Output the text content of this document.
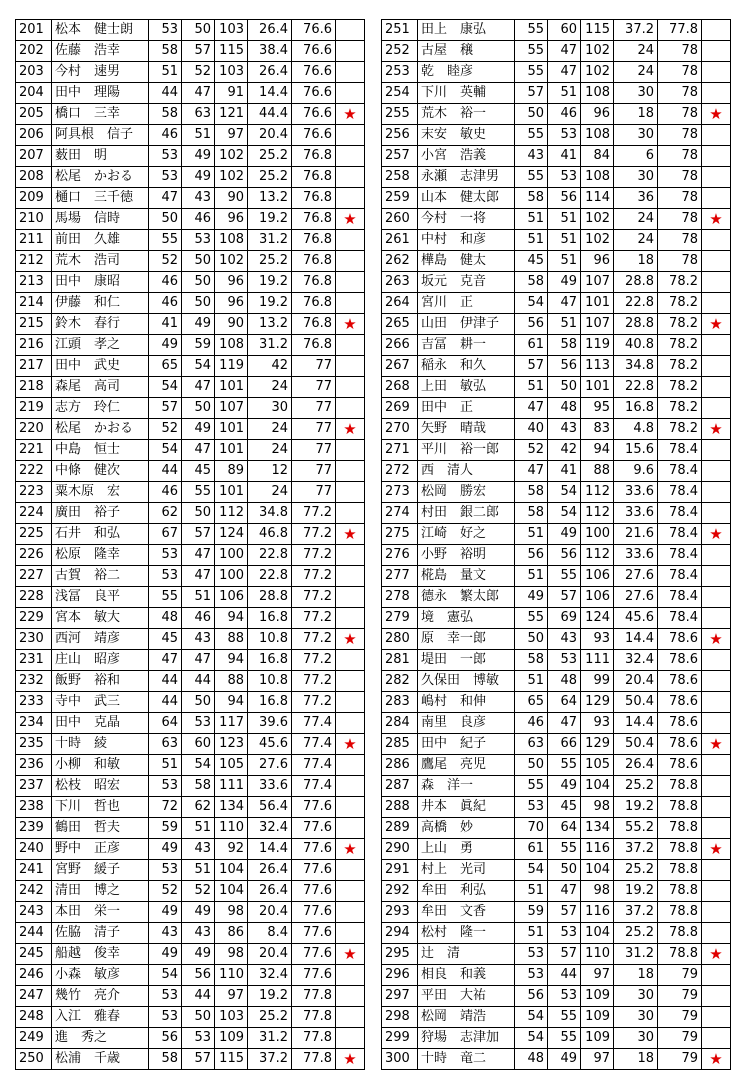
201	松本　健士朗	53	50	103	26.4	76.6	
202	佐藤　浩幸	58	57	115	38.4	76.6	
203	今村　速男	51	52	103	26.4	76.6	
204	田中　理陽	44	47	91	14.4	76.6	
205	橋口　三幸	58	63	121	44.4	76.6	★
206	阿具根　信子	46	51	97	20.4	76.6	
207	薮田　明	53	49	102	25.2	76.8	
208	松尾　かおる	53	49	102	25.2	76.8	
209	樋口　三千徳	47	43	90	13.2	76.8	
210	馬場　信時	50	46	96	19.2	76.8	★
211	前田　久雄	55	53	108	31.2	76.8	
212	荒木　浩司	52	50	102	25.2	76.8	
213	田中　康昭	46	50	96	19.2	76.8	
214	伊藤　和仁	46	50	96	19.2	76.8	
215	鈴木　春行	41	49	90	13.2	76.8	★
216	江頭　孝之	49	59	108	31.2	76.8	
217	田中　武史	65	54	119	42	77	
218	森尾　高司	54	47	101	24	77	
219	志方　玲仁	57	50	107	30	77	
220	松尾　かおる	52	49	101	24	77	★
221	中島　恒士	54	47	101	24	77	
222	中條　健次	44	45	89	12	77	
223	粟木原　宏	46	55	101	24	77	
224	廣田　裕子	62	50	112	34.8	77.2	
225	石井　和弘	67	57	124	46.8	77.2	★
226	松原　隆幸	53	47	100	22.8	77.2	
227	古賀　裕二	53	47	100	22.8	77.2	
228	浅冨　良平	55	51	106	28.8	77.2	
229	宮本　敏大	48	46	94	16.8	77.2	
230	西河　靖彦	45	43	88	10.8	77.2	★
231	庄山　昭彦	47	47	94	16.8	77.2	
232	飯野　裕和	44	44	88	10.8	77.2	
233	寺中　武三	44	50	94	16.8	77.2	
234	田中　克晶	64	53	117	39.6	77.4	
235	十時　綾	63	60	123	45.6	77.4	★
236	小柳　和敏	51	54	105	27.6	77.4	
237	松枝　昭宏	53	58	111	33.6	77.4	
238	下川　哲也	72	62	134	56.4	77.6	
239	鶴田　哲夫	59	51	110	32.4	77.6	
240	野中　正彦	49	43	92	14.4	77.6	★
241	宮野　緩子	53	51	104	26.4	77.6	
242	清田　博之	52	52	104	26.4	77.6	
243	本田　栄一	49	49	98	20.4	77.6	
244	佐脇　清子	43	43	86	8.4	77.6	
245	船越　俊幸	49	49	98	20.4	77.6	★
246	小森　敏彦	54	56	110	32.4	77.6	
247	幾竹　亮介	53	44	97	19.2	77.8	
248	入江　雅春	53	50	103	25.2	77.8	
249	進　秀之	56	53	109	31.2	77.8	
250	松浦　千歳	58	57	115	37.2	77.8	★
251	田上　康弘	55	60	115	37.2	77.8	
252	古屋　穣	55	47	102	24	78	
253	乾　睦彦	55	47	102	24	78	
254	下川　英輔	57	51	108	30	78	
255	荒木　裕一	50	46	96	18	78	★
256	末安　敏史	55	53	108	30	78	
257	小宮　浩義	43	41	84	6	78	
258	永瀬　志津男	55	53	108	30	78	
259	山本　健太郎	58	56	114	36	78	
260	今村　一将	51	51	102	24	78	★
261	中村　和彦	51	51	102	24	78	
262	樺島　健太	45	51	96	18	78	
263	坂元　克音	58	49	107	28.8	78.2	
264	宮川　正	54	47	101	22.8	78.2	
265	山田　伊津子	56	51	107	28.8	78.2	★
266	吉冨　耕一	61	58	119	40.8	78.2	
267	稲永　和久	57	56	113	34.8	78.2	
268	上田　敏弘	51	50	101	22.8	78.2	
269	田中　正	47	48	95	16.8	78.2	
270	矢野　晴哉	40	43	83	4.8	78.2	★
271	平川　裕一郎	52	42	94	15.6	78.4	
272	西　清人	47	41	88	9.6	78.4	
273	松岡　勝宏	58	54	112	33.6	78.4	
274	村田　銀二郎	58	54	112	33.6	78.4	
275	江崎　好之	51	49	100	21.6	78.4	★
276	小野　裕明	56	56	112	33.6	78.4	
277	椛島　量文	51	55	106	27.6	78.4	
278	德永　繁太郎	49	57	106	27.6	78.4	
279	境　憲弘	55	69	124	45.6	78.4	
280	原　幸一郎	50	43	93	14.4	78.6	★
281	堤田　一郎	58	53	111	32.4	78.6	
282	久保田　博敏	51	48	99	20.4	78.6	
283	嶋村　和伸	65	64	129	50.4	78.6	
284	南里　良彦	46	47	93	14.4	78.6	
285	田中　紀子	63	66	129	50.4	78.6	★
286	鷹尾　亮児	50	55	105	26.4	78.6	
287	森　洋一	55	49	104	25.2	78.8	
288	井本　眞紀	53	45	98	19.2	78.8	
289	高橋　妙	70	64	134	55.2	78.8	
290	上山　勇	61	55	116	37.2	78.8	★
291	村上　光司	54	50	104	25.2	78.8	
292	牟田　利弘	51	47	98	19.2	78.8	
293	牟田　文香	59	57	116	37.2	78.8	
294	松村　隆一	51	53	104	25.2	78.8	
295	辻　清	53	57	110	31.2	78.8	★
296	相良　和義	53	44	97	18	79	
297	平田　大祐	56	53	109	30	79	
298	松岡　靖浩	54	55	109	30	79	
299	狩場　志津加	54	55	109	30	79	
300	十時　竜二	48	49	97	18	79	★
